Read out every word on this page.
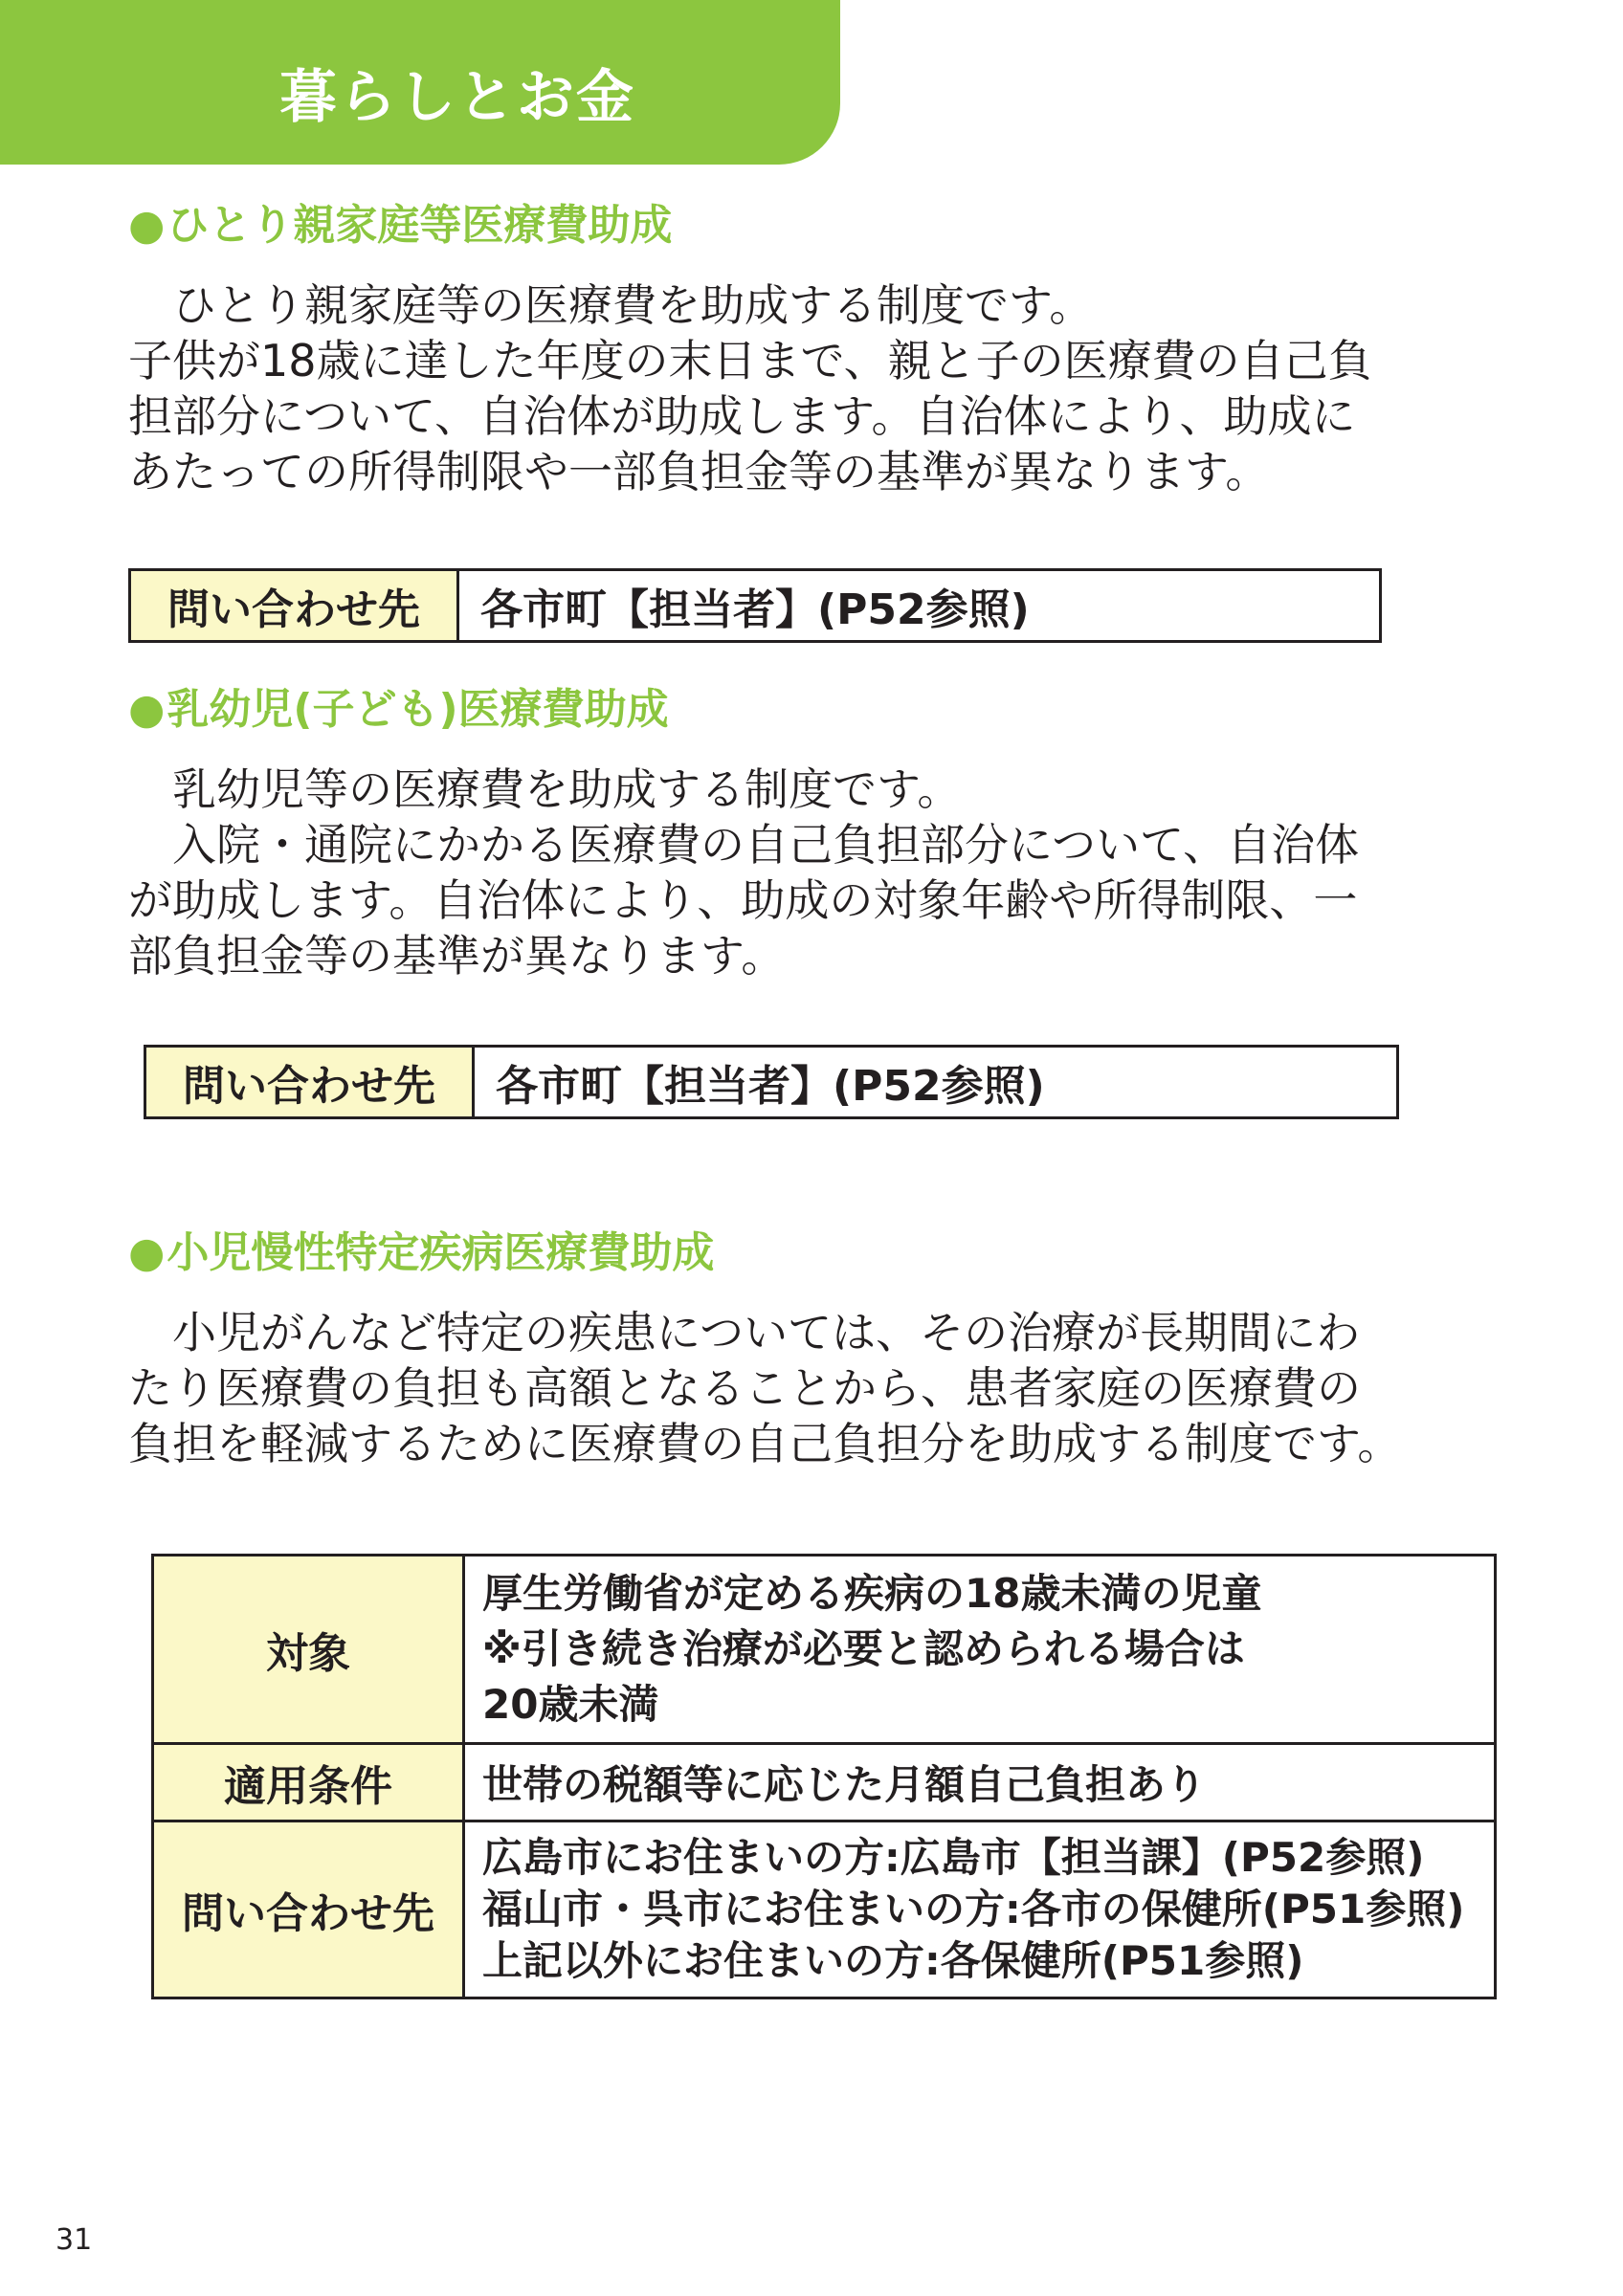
暮らしとお金
●ひとり親家庭等医療費助成

ひとり親家庭等の医療費を助成する制度です。
子供が18歳に達した年度の末日まで、親と子の医療費の自己負
担部分について、自治体が助成します。自治体により、助成に
あたっての所得制限や一部負担金等の基準が異なります。

問い合わせ先	各市町【担当者】(P52参照)
●乳幼児(子ども)医療費助成

乳幼児等の医療費を助成する制度です。
入院・通院にかかる医療費の自己負担部分について、自治体
が助成します。自治体により、助成の対象年齢や所得制限、一
部負担金等の基準が異なります。

問い合わせ先	各市町【担当者】(P52参照)
●小児慢性特定疾病医療費助成

小児がんなど特定の疾患については、その治療が長期間にわ
たり医療費の負担も高額となることから、患者家庭の医療費の
負担を軽減するために医療費の自己負担分を助成する制度です。

対象	厚生労働省が定める疾病の18歳未満の児童
※引き続き治療が必要と認められる場合は
20歳未満

適用条件	世帯の税額等に応じた月額自己負担あり

問い合わせ先	広島市にお住まいの方:広島市【担当課】(P52参照)
福山市・呉市にお住まいの方:各市の保健所(P51参照)
上記以外にお住まいの方:各保健所(P51参照)

31
